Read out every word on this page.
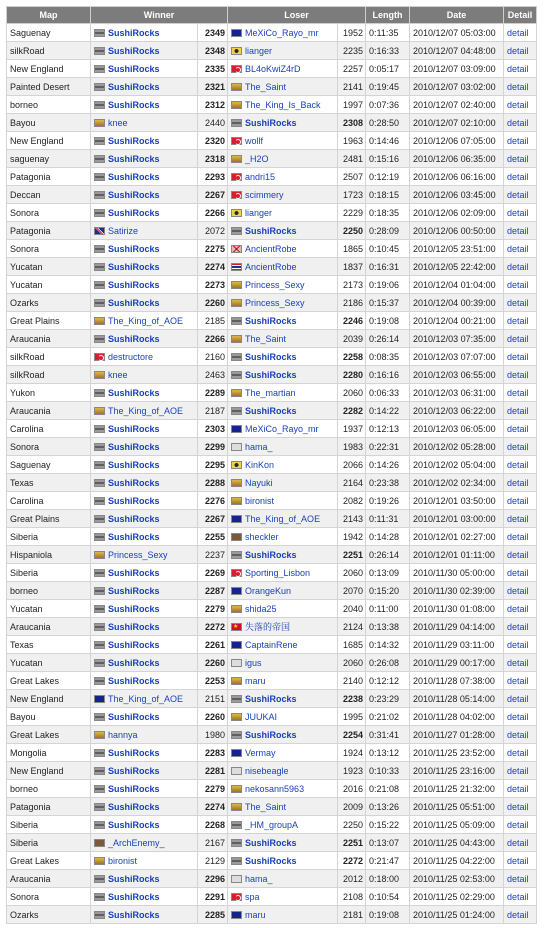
Map	Winner		Loser		Length	Date	Detail
Saguenay	SushiRocks	2349	MeXiCo_Rayo_mr	1952	0:11:35	2010/12/07 05:03:00	detail
silkRoad	SushiRocks	2348	lianger	2235	0:16:33	2010/12/07 04:48:00	detail
New England	SushiRocks	2335	BL4oKwiZ4rD	2257	0:05:17	2010/12/07 03:09:00	detail
Painted Desert	SushiRocks	2321	The_Saint	2141	0:19:45	2010/12/07 03:02:00	detail
borneo	SushiRocks	2312	The_King_Is_Back	1997	0:07:36	2010/12/07 02:40:00	detail
Bayou	knee	2440	SushiRocks	2308	0:28:50	2010/12/07 02:10:00	detail
New England	SushiRocks	2320	wollf	1963	0:14:46	2010/12/06 07:05:00	detail
saguenay	SushiRocks	2318	_H2O	2481	0:15:16	2010/12/06 06:35:00	detail
Patagonia	SushiRocks	2293	andri15	2507	0:12:19	2010/12/06 06:16:00	detail
Deccan	SushiRocks	2267	scimmery	1723	0:18:15	2010/12/06 03:45:00	detail
Sonora	SushiRocks	2266	lianger	2229	0:18:35	2010/12/06 02:09:00	detail
Patagonia	Satirize	2072	SushiRocks	2250	0:28:09	2010/12/06 00:50:00	detail
Sonora	SushiRocks	2275	AncientRobe	1865	0:10:45	2010/12/05 23:51:00	detail
Yucatan	SushiRocks	2274	AncientRobe	1837	0:16:31	2010/12/05 22:42:00	detail
Yucatan	SushiRocks	2273	Princess_Sexy	2173	0:19:06	2010/12/04 01:04:00	detail
Ozarks	SushiRocks	2260	Princess_Sexy	2186	0:15:37	2010/12/04 00:39:00	detail
Great Plains	The_King_of_AOE	2185	SushiRocks	2246	0:19:08	2010/12/04 00:21:00	detail
Araucania	SushiRocks	2266	The_Saint	2039	0:26:14	2010/12/03 07:35:00	detail
silkRoad	destructore	2160	SushiRocks	2258	0:08:35	2010/12/03 07:07:00	detail
silkRoad	knee	2463	SushiRocks	2280	0:16:16	2010/12/03 06:55:00	detail
Yukon	SushiRocks	2289	The_martian	2060	0:06:33	2010/12/03 06:31:00	detail
Araucania	The_King_of_AOE	2187	SushiRocks	2282	0:14:22	2010/12/03 06:22:00	detail
Carolina	SushiRocks	2303	MeXiCo_Rayo_mr	1937	0:12:13	2010/12/03 06:05:00	detail
Sonora	SushiRocks	2299	hama_	1983	0:22:31	2010/12/02 05:28:00	detail
Saguenay	SushiRocks	2295	KinKon	2066	0:14:26	2010/12/02 05:04:00	detail
Texas	SushiRocks	2288	Nayuki	2164	0:23:38	2010/12/02 02:34:00	detail
Carolina	SushiRocks	2276	bironist	2082	0:19:26	2010/12/01 03:50:00	detail
Great Plains	SushiRocks	2267	The_King_of_AOE	2143	0:11:31	2010/12/01 03:00:00	detail
Siberia	SushiRocks	2255	sheckler	1942	0:14:28	2010/12/01 02:27:00	detail
Hispaniola	Princess_Sexy	2237	SushiRocks	2251	0:26:14	2010/12/01 01:11:00	detail
Siberia	SushiRocks	2269	Sporting_Lisbon	2060	0:13:09	2010/11/30 05:00:00	detail
borneo	SushiRocks	2287	OrangeKun	2070	0:15:20	2010/11/30 02:39:00	detail
Yucatan	SushiRocks	2279	shida25	2040	0:11:00	2010/11/30 01:08:00	detail
Araucania	SushiRocks	2272	★失落的帝国	2124	0:13:38	2010/11/29 04:14:00	detail
Texas	SushiRocks	2261	CaptainRene	1685	0:14:32	2010/11/29 03:11:00	detail
Yucatan	SushiRocks	2260	igus	2060	0:26:08	2010/11/29 00:17:00	detail
Great Lakes	SushiRocks	2253	maru	2140	0:12:12	2010/11/28 07:38:00	detail
New England	The_King_of_AOE	2151	SushiRocks	2238	0:23:29	2010/11/28 05:14:00	detail
Bayou	SushiRocks	2260	JUUKAI	1995	0:21:02	2010/11/28 04:02:00	detail
Great Lakes	hannya	1980	SushiRocks	2254	0:31:41	2010/11/27 01:28:00	detail
Mongolia	SushiRocks	2283	Vermay	1924	0:13:12	2010/11/25 23:52:00	detail
New England	SushiRocks	2281	nisebeagle	1923	0:10:33	2010/11/25 23:16:00	detail
borneo	SushiRocks	2279	nekosann5963	2016	0:21:08	2010/11/25 21:32:00	detail
Patagonia	SushiRocks	2274	The_Saint	2009	0:13:26	2010/11/25 05:51:00	detail
Siberia	SushiRocks	2268	_HM_groupA	2250	0:15:22	2010/11/25 05:09:00	detail
Siberia	_ArchEnemy_	2167	SushiRocks	2251	0:13:07	2010/11/25 04:43:00	detail
Great Lakes	bironist	2129	SushiRocks	2272	0:21:47	2010/11/25 04:22:00	detail
Araucania	SushiRocks	2296	hama_	2012	0:18:00	2010/11/25 02:53:00	detail
Sonora	SushiRocks	2291	spa	2108	0:10:54	2010/11/25 02:29:00	detail
Ozarks	SushiRocks	2285	maru	2181	0:19:08	2010/11/25 01:24:00	detail
